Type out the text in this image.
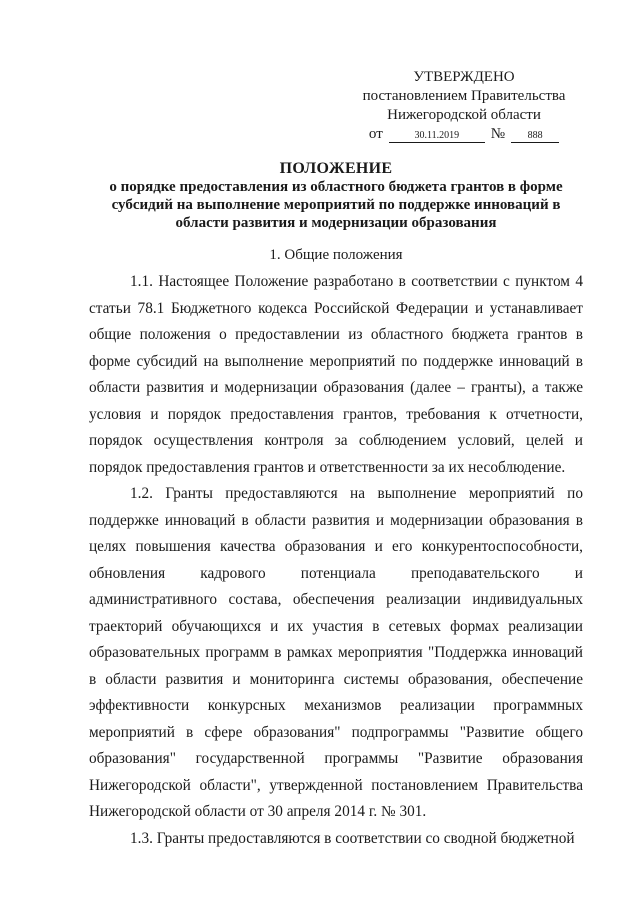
УТВЕРЖДЕНО
постановлением Правительства
Нижегородской области
от	30.11.2019	№	888
ПОЛОЖЕНИЕ
о порядке предоставления из областного бюджета грантов в форме
субсидий на выполнение мероприятий по поддержке инноваций в
области развития и модернизации образования
1. Общие положения

1.1. Настоящее Положение разработано в соответствии с пунктом 4 статьи 78.1 Бюджетного кодекса Российской Федерации и устанавливает общие положения о предоставлении из областного бюджета грантов в форме субсидий на выполнение мероприятий по поддержке инноваций в области развития и модернизации образования (далее – гранты), а также условия и порядок предоставления грантов, требования к отчетности, порядок осуществления контроля за соблюдением условий, целей и порядок предоставления грантов и ответственности за их несоблюдение.

1.2. Гранты предоставляются на выполнение мероприятий по поддержке инноваций в области развития и модернизации образования в целях повышения качества образования и его конкурентоспособности, обновления кадрового потенциала преподавательского и административного состава, обеспечения реализации индивидуальных траекторий обучающихся и их участия в сетевых формах реализации образовательных программ в рамках мероприятия "Поддержка инноваций в области развития и мониторинга системы образования, обеспечение эффективности конкурсных механизмов реализации программных мероприятий в сфере образования" подпрограммы "Развитие общего образования" государственной программы "Развитие образования Нижегородской области", утвержденной постановлением Правительства Нижегородской области от 30 апреля 2014 г. № 301.

1.3. Гранты предоставляются в соответствии со сводной бюджетной
